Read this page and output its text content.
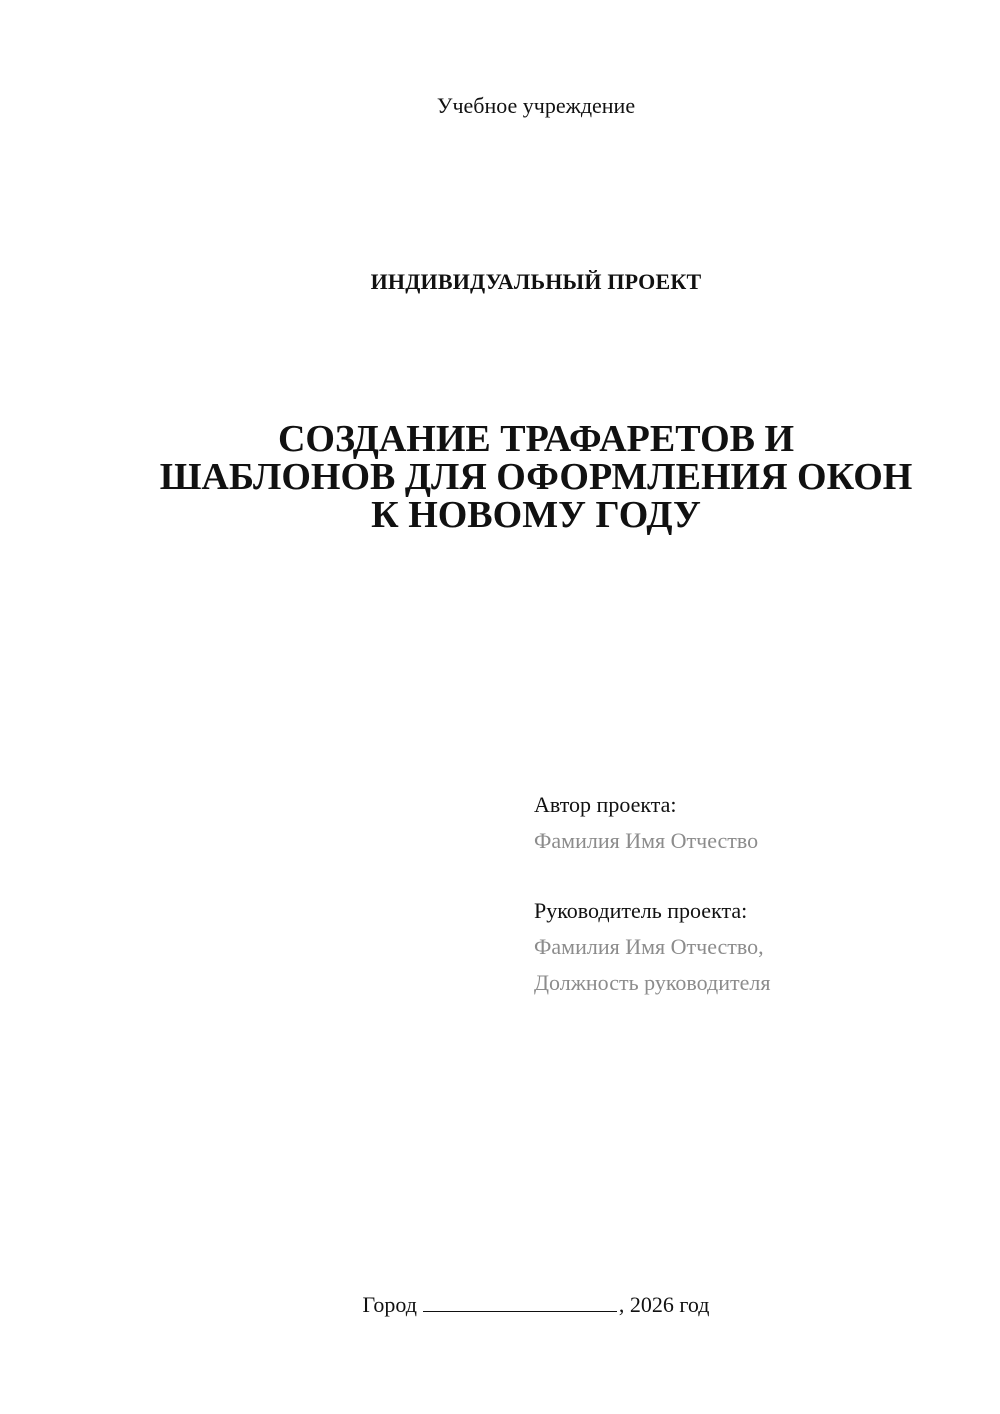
Учебное учреждение
ИНДИВИДУАЛЬНЫЙ ПРОЕКТ
СОЗДАНИЕ ТРАФАРЕТОВ И
ШАБЛОНОВ ДЛЯ ОФОРМЛЕНИЯ ОКОН
К НОВОМУ ГОДУ
Автор проекта:
Фамилия Имя Отчество
Руководитель проекта:
Фамилия Имя Отчество,
Должность руководителя
Город	, 2026 год
